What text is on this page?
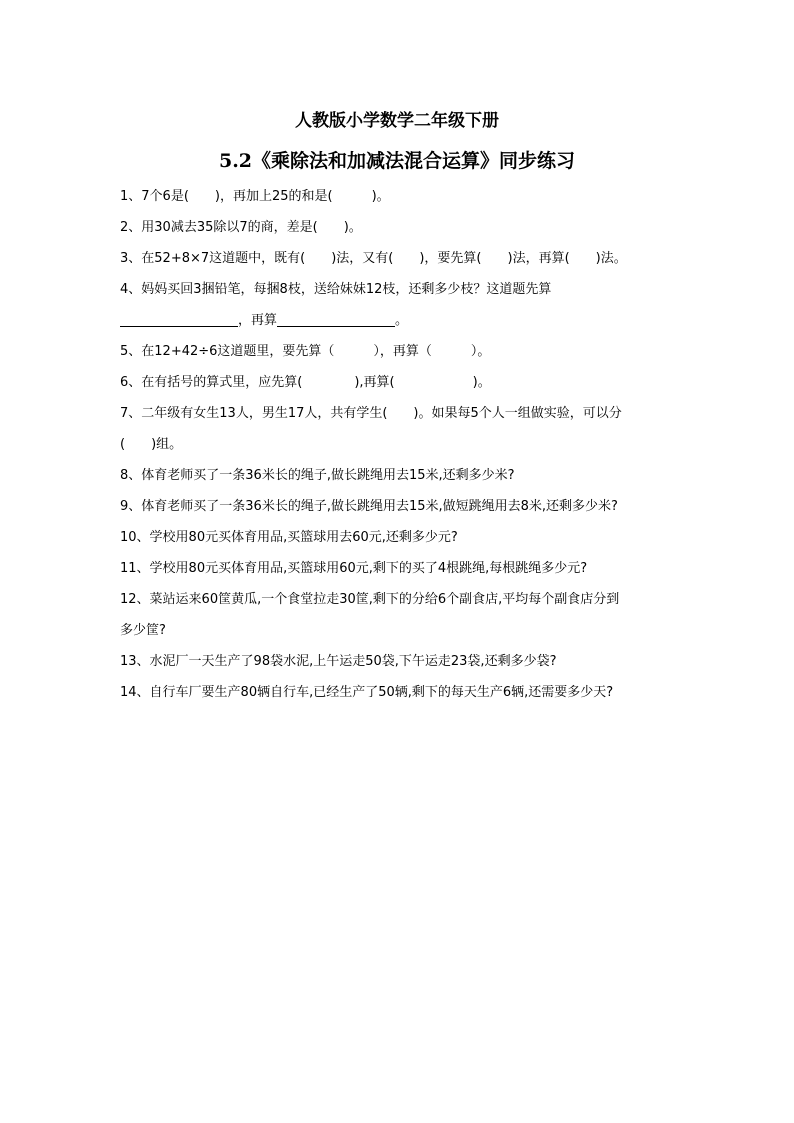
人教版小学数学二年级下册
5.2《乘除法和加减法混合运算》同步练习
1、7个6是(　　)，再加上25的和是(　　　)。
2、用30减去35除以7的商，差是(　　)。
3、在52+8×7这道题中，既有(　　)法，又有(　　)，要先算(　　)法，再算(　　)法。
4、妈妈买回3捆铅笔，每捆8枝，送给妹妹12枝，还剩多少枝？这道题先算
，再算	。
5、在12+42÷6这道题里，要先算（　　　），再算（　　　）。
6、在有括号的算式里，应先算(　　　　),再算(　　　　　　)。
7、二年级有女生13人，男生17人，共有学生(　　)。如果每5个人一组做实验，可以分
(　　)组。
8、体育老师买了一条36米长的绳子,做长跳绳用去15米,还剩多少米?
9、体育老师买了一条36米长的绳子,做长跳绳用去15米,做短跳绳用去8米,还剩多少米?
10、学校用80元买体育用品,买篮球用去60元,还剩多少元?
11、学校用80元买体育用品,买篮球用60元,剩下的买了4根跳绳,每根跳绳多少元?
12、菜站运来60筐黄瓜,一个食堂拉走30筐,剩下的分给6个副食店,平均每个副食店分到
多少筐?
13、水泥厂一天生产了98袋水泥,上午运走50袋,下午运走23袋,还剩多少袋?
14、自行车厂要生产80辆自行车,已经生产了50辆,剩下的每天生产6辆,还需要多少天?
